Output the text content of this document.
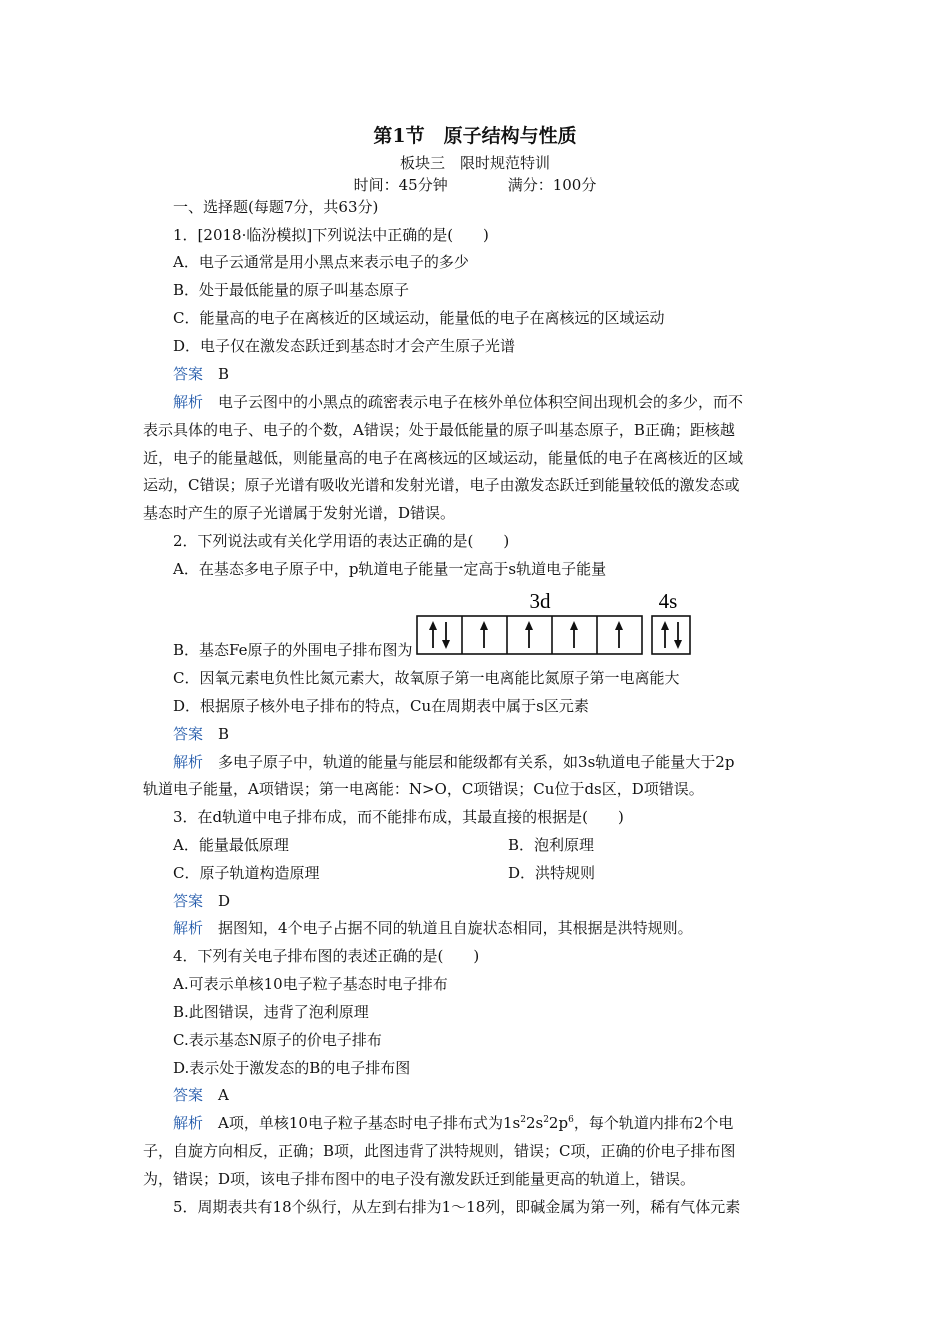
第1节　原子结构与性质
板块三　限时规范特训
时间：45分钟	满分：100分
一、选择题(每题7分，共63分)
1．[2018·临汾模拟]下列说法中正确的是(　　)
A．电子云通常是用小黑点来表示电子的多少
B．处于最低能量的原子叫基态原子
C．能量高的电子在离核近的区域运动，能量低的电子在离核远的区域运动
D．电子仅在激发态跃迁到基态时才会产生原子光谱
答案　 B
解析　 电子云图中的小黑点的疏密表示电子在核外单位体积空间出现机会的多少，而不
表示具体的电子、电子的个数，A错误；处于最低能量的原子叫基态原子，B正确；距核越
近，电子的能量越低，则能量高的电子在离核远的区域运动，能量低的电子在离核近的区域
运动，C错误；原子光谱有吸收光谱和发射光谱，电子由激发态跃迁到能量较低的激发态或
基态时产生的原子光谱属于发射光谱，D错误。
2．下列说法或有关化学用语的表达正确的是(　　)
A．在基态多电子原子中，p轨道电子能量一定高于s轨道电子能量
3d	4s
B．基态Fe原子的外围电子排布图为
C．因氧元素电负性比氮元素大，故氧原子第一电离能比氮原子第一电离能大
D．根据原子核外电子排布的特点，Cu在周期表中属于s区元素
答案　 B
解析　 多电子原子中，轨道的能量与能层和能级都有关系，如3s轨道电子能量大于2p
轨道电子能量，A项错误；第一电离能：N>O，C项错误；Cu位于ds区，D项错误。
3．在d轨道中电子排布成，而不能排布成，其最直接的根据是(　　)
A．能量最低原理	B．泡利原理
C．原子轨道构造原理	D．洪特规则
答案　 D
解析　 据图知，4个电子占据不同的轨道且自旋状态相同，其根据是洪特规则。
4．下列有关电子排布图的表述正确的是(　　)
A.可表示单核10电子粒子基态时电子排布
B.此图错误，违背了泡利原理
C.表示基态N原子的价电子排布
D.表示处于激发态的B的电子排布图
答案　 A
解析　 A项，单核10电子粒子基态时电子排布式为$1s^22s^22p^6$，每个轨道内排布2个电
子，自旋方向相反，正确；B项，此图违背了洪特规则，错误；C项，正确的价电子排布图
为，错误；D项，该电子排布图中的电子没有激发跃迁到能量更高的轨道上，错误。
5．周期表共有18个纵行，从左到右排为1～18列，即碱金属为第一列，稀有气体元素
